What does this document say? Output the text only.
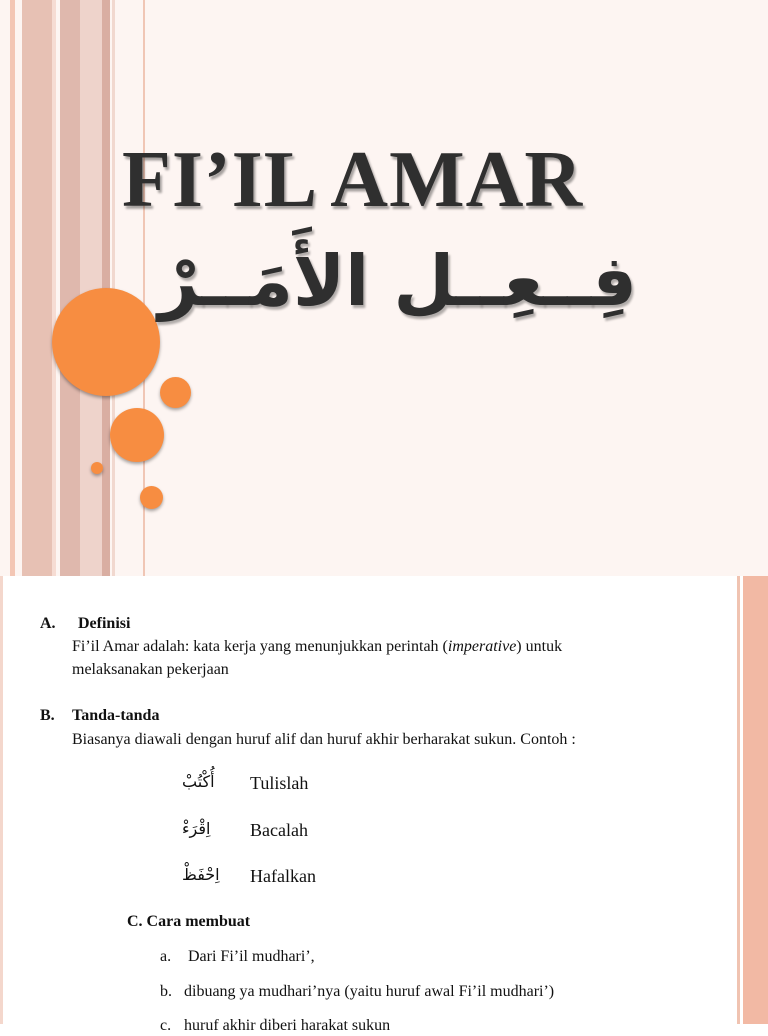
FI’IL AMAR
فِــعِــل الأَمَــرْ
A. Definisi
Fi’il Amar adalah: kata kerja yang menunjukkan perintah (imperative) untuk
melaksanakan pekerjaan
B. Tanda-tanda
Biasanya diawali dengan huruf alif dan huruf akhir berharakat sukun. Contoh :
أُكْتُبْ Tulislah
اِقْرَءْ Bacalah
اِحْفَظْ Hafalkan
C. Cara membuat
a. Dari Fi’il mudhari’,
b. dibuang ya mudhari’nya (yaitu huruf awal Fi’il mudhari’)
c. huruf akhir diberi harakat sukun
